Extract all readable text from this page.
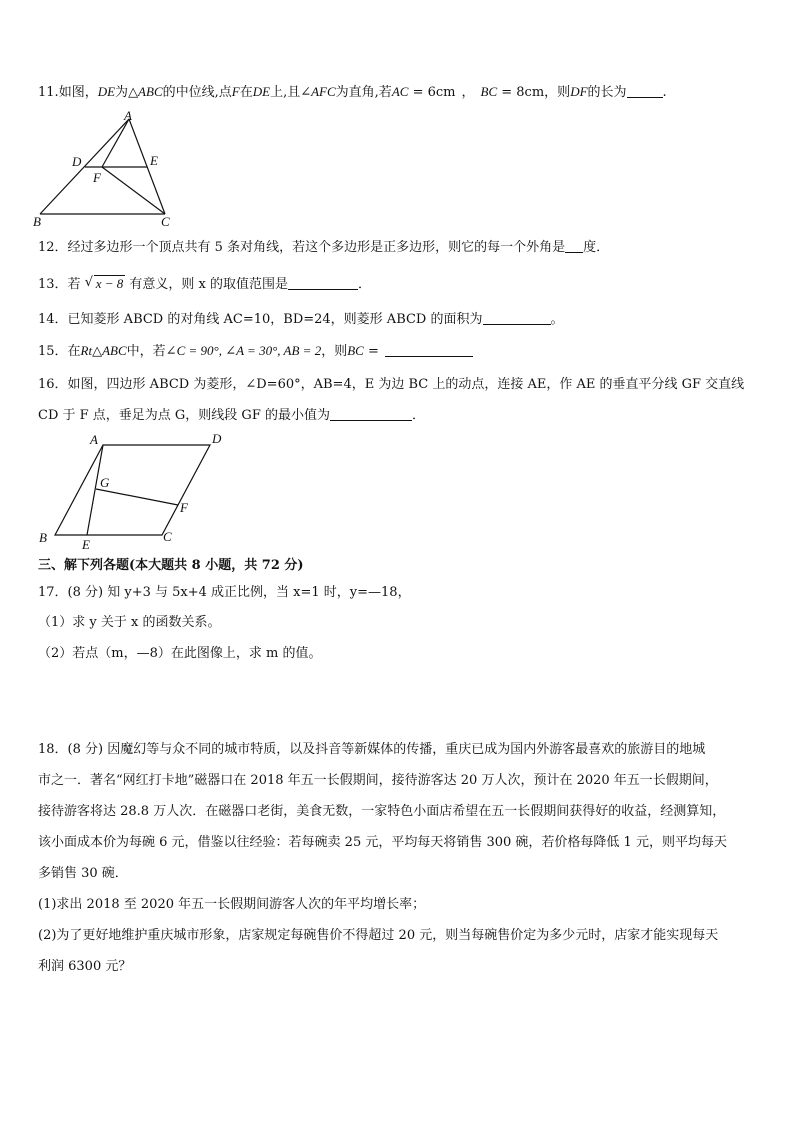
11.如图，DE为△ABC的中位线,点F在DE上,且∠AFC为直角,若AC = 6cm ， BC = 8cm，则DF的长为	.
A
B	C
D	E
F
12．经过多边形一个顶点共有 5 条对角线，若这个多边形是正多边形，则它的每一个外角是 度．
13．若 √ x − 8 有意义，则 x 的取值范围是	．
14．已知菱形 ABCD 的对角线 AC=10，BD=24，则菱形 ABCD 的面积为	。
15．在Rt△ABC中，若∠C = 90°, ∠A = 30°, AB = 2，则BC =
16．如图，四边形 ABCD 为菱形，∠D=60°，AB=4，E 为边 BC 上的动点，连接 AE，作 AE 的垂直平分线 GF 交直线
CD 于 F 点，垂足为点 G，则线段 GF 的最小值为	．
A	D
B	C
E
G
F
三、解下列各题(本大题共 8 小题，共 72 分)
17．(8 分) 知 y+3 与 5x+4 成正比例，当 x=1 时，y=—18，
（1）求 y 关于 x 的函数关系。
（2）若点（m，—8）在此图像上，求 m 的值。
18．(8 分) 因魔幻等与众不同的城市特质，以及抖音等新媒体的传播，重庆已成为国内外游客最喜欢的旅游目的地城
市之一．著名“网红打卡地”磁器口在 2018 年五一长假期间，接待游客达 20 万人次，预计在 2020 年五一长假期间，
接待游客将达 28.8 万人次．在磁器口老街，美食无数，一家特色小面店希望在五一长假期间获得好的收益，经测算知，
该小面成本价为每碗 6 元，借鉴以往经验：若每碗卖 25 元，平均每天将销售 300 碗，若价格每降低 1 元，则平均每天
多销售 30 碗．
(1)求出 2018 至 2020 年五一长假期间游客人次的年平均增长率；
(2)为了更好地维护重庆城市形象，店家规定每碗售价不得超过 20 元，则当每碗售价定为多少元时，店家才能实现每天
利润 6300 元？
